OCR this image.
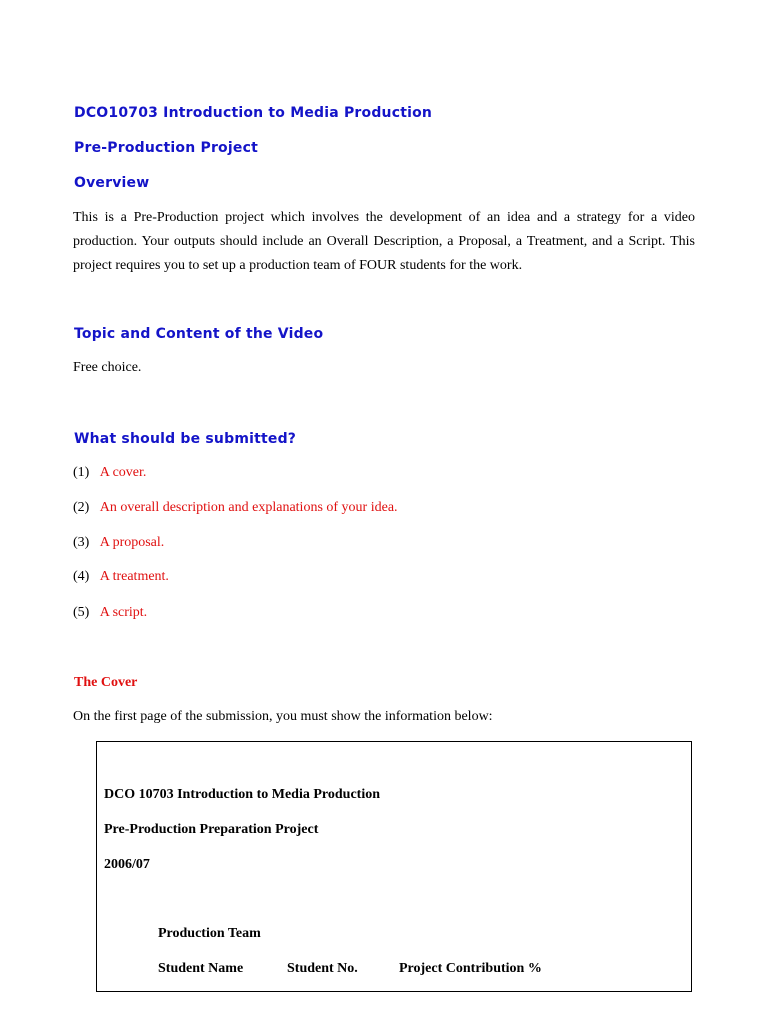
DCO10703 Introduction to Media Production
Pre-Production Project
Overview

This is a Pre-Production project which involves the development of an idea and a strategy for a video production. Your outputs should include an Overall Description, a Proposal, a Treatment, and a Script. This project requires you to set up a production team of FOUR students for the work.

Topic and Content of the Video

Free choice.

What should be submitted?
(1) A cover.
(2) An overall description and explanations of your idea.
(3) A proposal.
(4) A treatment.
(5) A script.
The Cover

On the first page of the submission, you must show the information below:

DCO 10703 Introduction to Media Production
Pre-Production Preparation Project
2006/07
Production Team
Student Name	Student No.	Project Contribution %
